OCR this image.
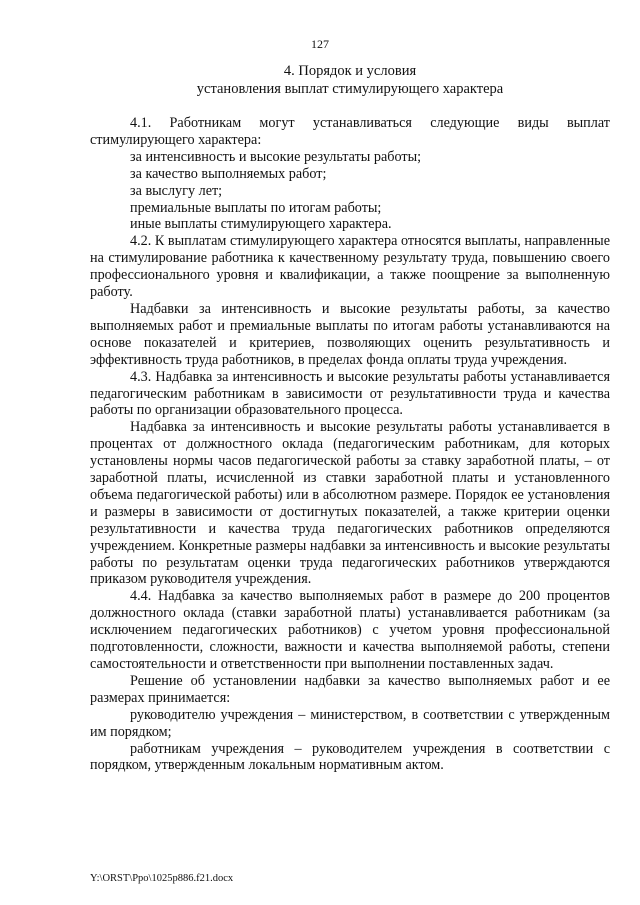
127
4. Порядок и условия
установления выплат стимулирующего характера

4.1. Работникам могут устанавливаться следующие виды выплат стимулирующего характера:

за интенсивность и высокие результаты работы;

за качество выполняемых работ;

за выслугу лет;

премиальные выплаты по итогам работы;

иные выплаты стимулирующего характера.

4.2. К выплатам стимулирующего характера относятся выплаты, направленные на стимулирование работника к качественному результату труда, повышению своего профессионального уровня и квалификации, а также поощрение за выполненную работу.

Надбавки за интенсивность и высокие результаты работы, за качество выполняемых работ и премиальные выплаты по итогам работы устанавливаются на основе показателей и критериев, позволяющих оценить результативность и эффективность труда работников, в пределах фонда оплаты труда учреждения.

4.3. Надбавка за интенсивность и высокие результаты работы устанавливается педагогическим работникам в зависимости от результативности труда и качества работы по организации образовательного процесса.

Надбавка за интенсивность и высокие результаты работы устанавливается в процентах от должностного оклада (педагогическим работникам, для которых установлены нормы часов педагогической работы за ставку заработной платы, – от заработной платы, исчисленной из ставки заработной платы и установленного объема педагогической работы) или в абсолютном размере. Порядок ее установления и размеры в зависимости от достигнутых показателей, а также критерии оценки результативности и качества труда педагогических работников определяются учреждением. Конкретные размеры надбавки за интенсивность и высокие результаты работы по результатам оценки труда педагогических работников утверждаются приказом руководителя учреждения.

4.4. Надбавка за качество выполняемых работ в размере до 200 процентов должностного оклада (ставки заработной платы) устанавливается работникам (за исключением педагогических работников) с учетом уровня профессиональной подготовленности, сложности, важности и качества выполняемой работы, степени самостоятельности и ответственности при выполнении поставленных задач.

Решение об установлении надбавки за качество выполняемых работ и ее размерах принимается:

руководителю учреждения – министерством, в соответствии с утвержденным им порядком;

работникам учреждения – руководителем учреждения в соответствии с порядком, утвержденным локальным нормативным актом.

Y:\ORST\Ppo\1025p886.f21.docx
